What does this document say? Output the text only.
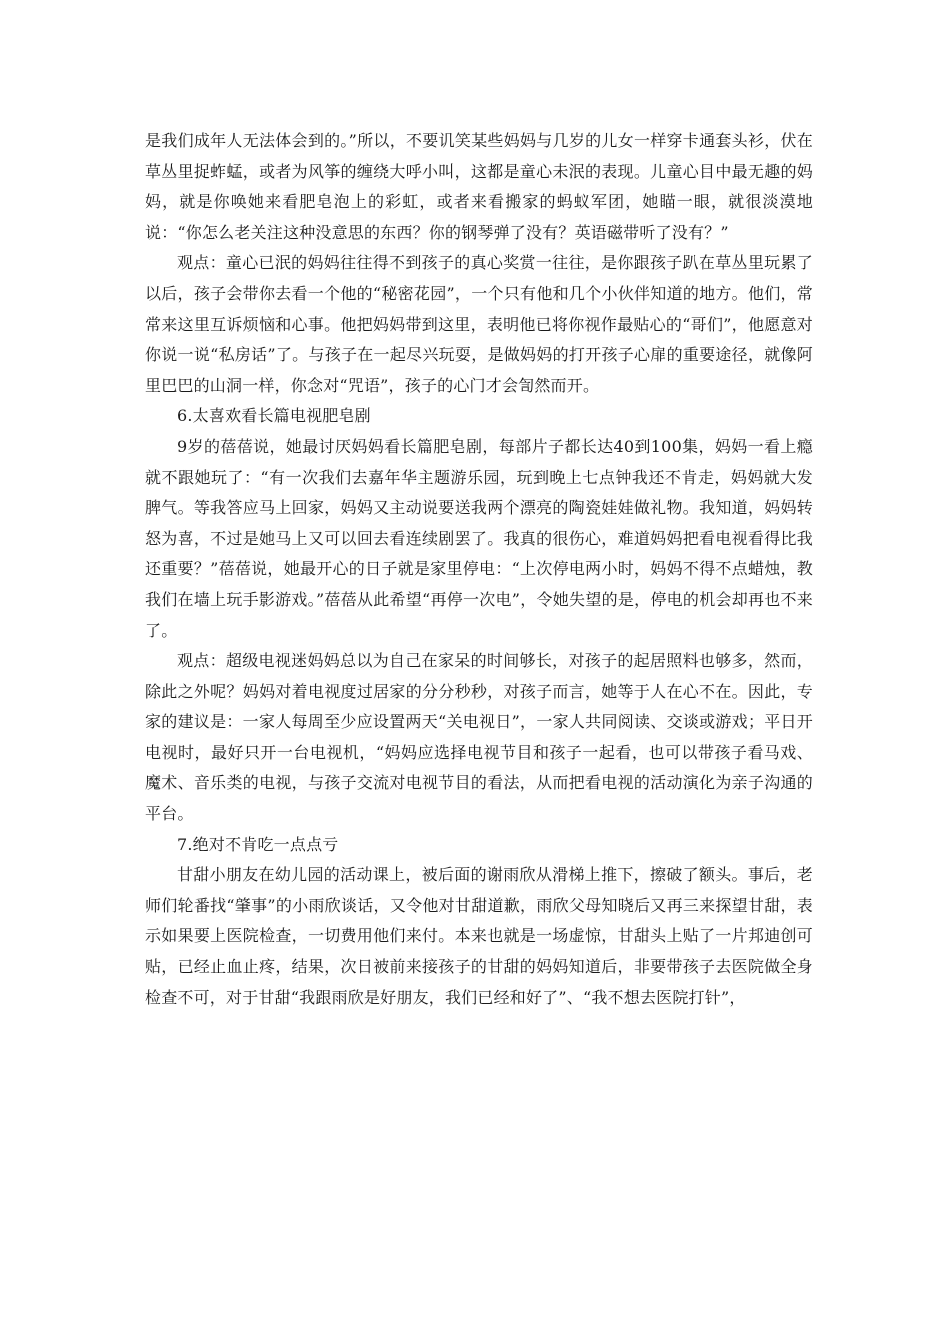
是我们成年人无法体会到的。”所以，不要讥笑某些妈妈与几岁的儿女一样穿卡通套头衫，伏在草丛里捉蚱蜢，或者为风筝的缠绕大呼小叫，这都是童心未泯的表现。儿童心目中最无趣的妈妈，就是你唤她来看肥皂泡上的彩虹，或者来看搬家的蚂蚁军团，她瞄一眼，就很淡漠地说：“你怎么老关注这种没意思的东西？你的钢琴弹了没有？英语磁带听了没有？”

观点：童心已泯的妈妈往往得不到孩子的真心奖赏一往往，是你跟孩子趴在草丛里玩累了以后，孩子会带你去看一个他的“秘密花园”，一个只有他和几个小伙伴知道的地方。他们，常常来这里互诉烦恼和心事。他把妈妈带到这里，表明他已将你视作最贴心的“哥们”，他愿意对你说一说“私房话”了。与孩子在一起尽兴玩耍，是做妈妈的打开孩子心扉的重要途径，就像阿里巴巴的山洞一样，你念对“咒语”，孩子的心门才会訇然而开。

6.太喜欢看长篇电视肥皂剧

9岁的蓓蓓说，她最讨厌妈妈看长篇肥皂剧，每部片子都长达40到100集，妈妈一看上瘾就不跟她玩了：“有一次我们去嘉年华主题游乐园，玩到晚上七点钟我还不肯走，妈妈就大发脾气。等我答应马上回家，妈妈又主动说要送我两个漂亮的陶瓷娃娃做礼物。我知道，妈妈转怒为喜，不过是她马上又可以回去看连续剧罢了。我真的很伤心，难道妈妈把看电视看得比我还重要？”蓓蓓说，她最开心的日子就是家里停电：“上次停电两小时，妈妈不得不点蜡烛，教我们在墙上玩手影游戏。”蓓蓓从此希望“再停一次电”，令她失望的是，停电的机会却再也不来了。

观点：超级电视迷妈妈总以为自己在家呆的时间够长，对孩子的起居照料也够多，然而，除此之外呢？妈妈对着电视度过居家的分分秒秒，对孩子而言，她等于人在心不在。因此，专家的建议是：一家人每周至少应设置两天“关电视日”，一家人共同阅读、交谈或游戏；平日开电视时，最好只开一台电视机，“妈妈应选择电视节目和孩子一起看，也可以带孩子看马戏、魔术、音乐类的电视，与孩子交流对电视节目的看法，从而把看电视的活动演化为亲子沟通的平台。

7.绝对不肯吃一点点亏

甘甜小朋友在幼儿园的活动课上，被后面的谢雨欣从滑梯上推下，擦破了额头。事后，老师们轮番找“肇事”的小雨欣谈话，又令他对甘甜道歉，雨欣父母知晓后又再三来探望甘甜，表示如果要上医院检查，一切费用他们来付。本来也就是一场虚惊，甘甜头上贴了一片邦迪创可贴，已经止血止疼，结果，次日被前来接孩子的甘甜的妈妈知道后，非要带孩子去医院做全身检查不可，对于甘甜“我跟雨欣是好朋友，我们已经和好了”、“我不想去医院打针”，
